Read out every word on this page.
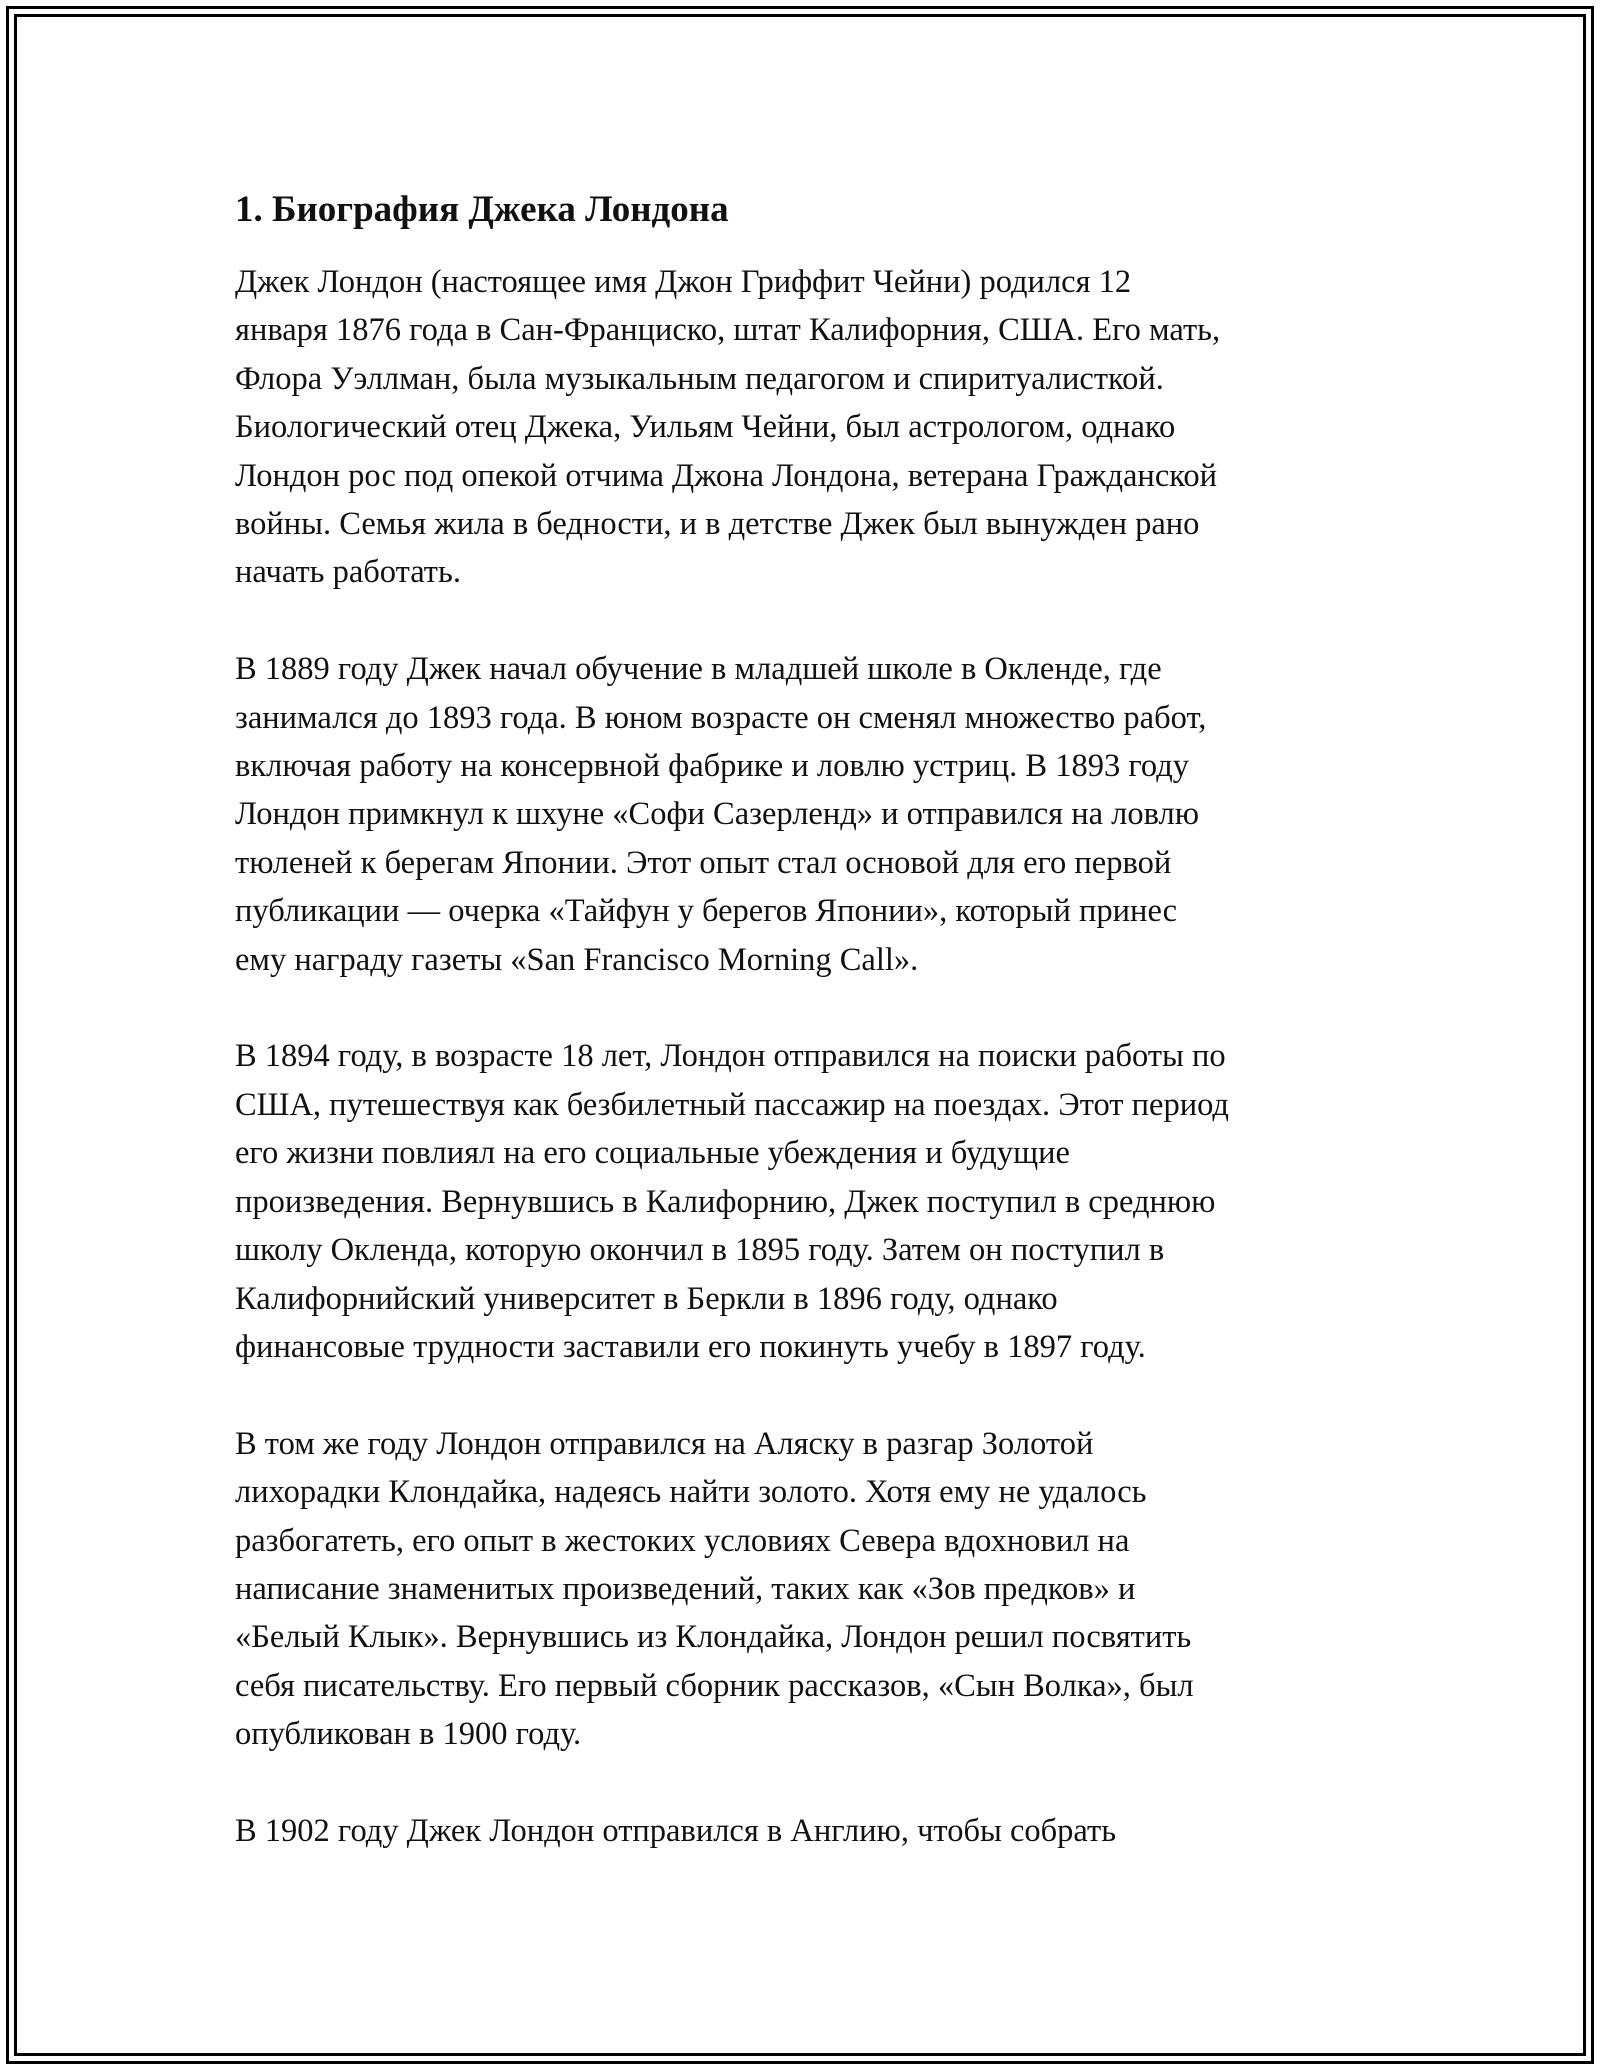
1. Биография Джека Лондона

Джек Лондон (настоящее имя Джон Гриффит Чейни) родился 12
января 1876 года в Сан-Франциско, штат Калифорния, США. Его мать,
Флора Уэллман, была музыкальным педагогом и спиритуалисткой.
Биологический отец Джека, Уильям Чейни, был астрологом, однако
Лондон рос под опекой отчима Джона Лондона, ветерана Гражданской
войны. Семья жила в бедности, и в детстве Джек был вынужден рано
начать работать.

В 1889 году Джек начал обучение в младшей школе в Окленде, где
занимался до 1893 года. В юном возрасте он сменял множество работ,
включая работу на консервной фабрике и ловлю устриц. В 1893 году
Лондон примкнул к шхуне «Софи Сазерленд» и отправился на ловлю
тюленей к берегам Японии. Этот опыт стал основой для его первой
публикации — очерка «Тайфун у берегов Японии», который принес
ему награду газеты «San Francisco Morning Call».

В 1894 году, в возрасте 18 лет, Лондон отправился на поиски работы по
США, путешествуя как безбилетный пассажир на поездах. Этот период
его жизни повлиял на его социальные убеждения и будущие
произведения. Вернувшись в Калифорнию, Джек поступил в среднюю
школу Окленда, которую окончил в 1895 году. Затем он поступил в
Калифорнийский университет в Беркли в 1896 году, однако
финансовые трудности заставили его покинуть учебу в 1897 году.

В том же году Лондон отправился на Аляску в разгар Золотой
лихорадки Клондайка, надеясь найти золото. Хотя ему не удалось
разбогатеть, его опыт в жестоких условиях Севера вдохновил на
написание знаменитых произведений, таких как «Зов предков» и
«Белый Клык». Вернувшись из Клондайка, Лондон решил посвятить
себя писательству. Его первый сборник рассказов, «Сын Волка», был
опубликован в 1900 году.

В 1902 году Джек Лондон отправился в Англию, чтобы собрать
